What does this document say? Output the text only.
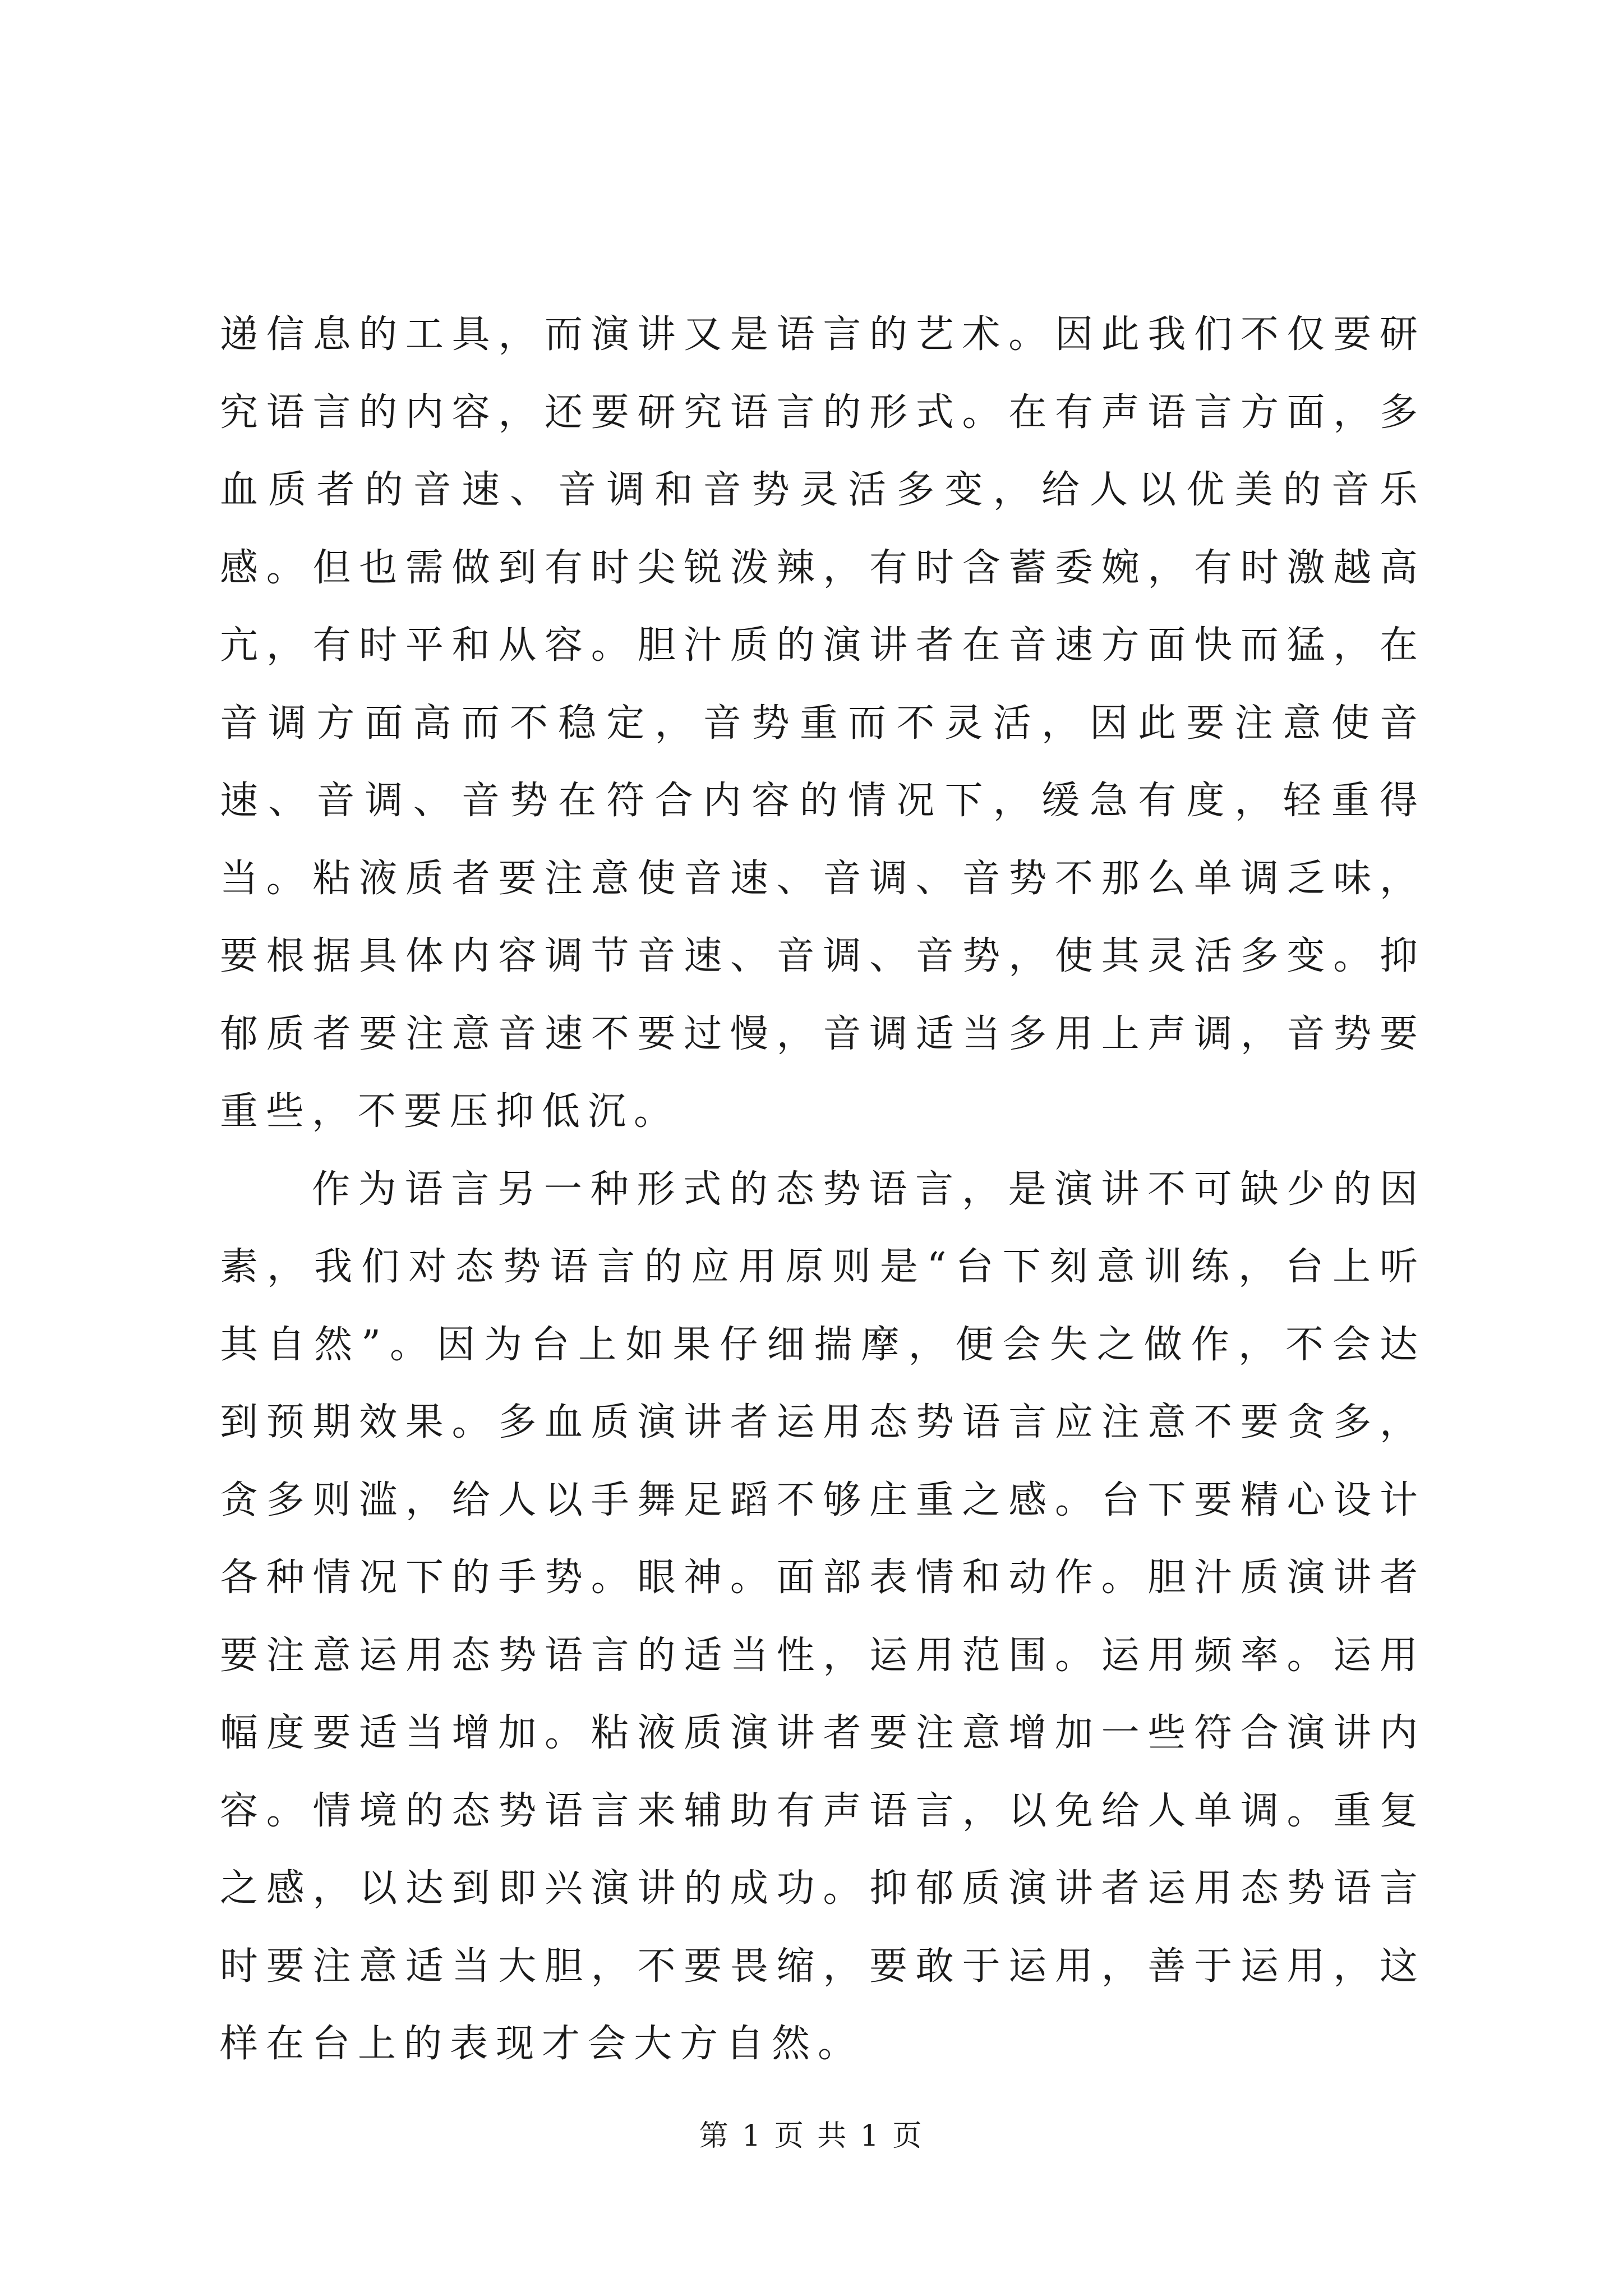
递信息的工具，而演讲又是语言的艺术。因此我们不仅要研究语言的内容，还要研究语言的形式。在有声语言方面，多血质者的音速、音调和音势灵活多变，给人以优美的音乐感。但也需做到有时尖锐泼辣，有时含蓄委婉，有时激越高亢，有时平和从容。胆汁质的演讲者在音速方面快而猛，在音调方面高而不稳定，音势重而不灵活，因此要注意使音速、音调、音势在符合内容的情况下，缓急有度，轻重得当。粘液质者要注意使音速、音调、音势不那么单调乏味，要根据具体内容调节音速、音调、音势，使其灵活多变。抑郁质者要注意音速不要过慢，音调适当多用上声调，音势要重些，不要压抑低沉。

作为语言另一种形式的态势语言，是演讲不可缺少的因素，我们对态势语言的应用原则是“台下刻意训练，台上听其自然”。因为台上如果仔细揣摩，便会失之做作，不会达到预期效果。多血质演讲者运用态势语言应注意不要贪多，贪多则滥，给人以手舞足蹈不够庄重之感。台下要精心设计各种情况下的手势。眼神。面部表情和动作。胆汁质演讲者要注意运用态势语言的适当性，运用范围。运用频率。运用幅度要适当增加。粘液质演讲者要注意增加一些符合演讲内容。情境的态势语言来辅助有声语言，以免给人单调。重复之感，以达到即兴演讲的成功。抑郁质演讲者运用态势语言时要注意适当大胆，不要畏缩，要敢于运用，善于运用，这样在台上的表现才会大方自然。

第 1 页 共 1 页
